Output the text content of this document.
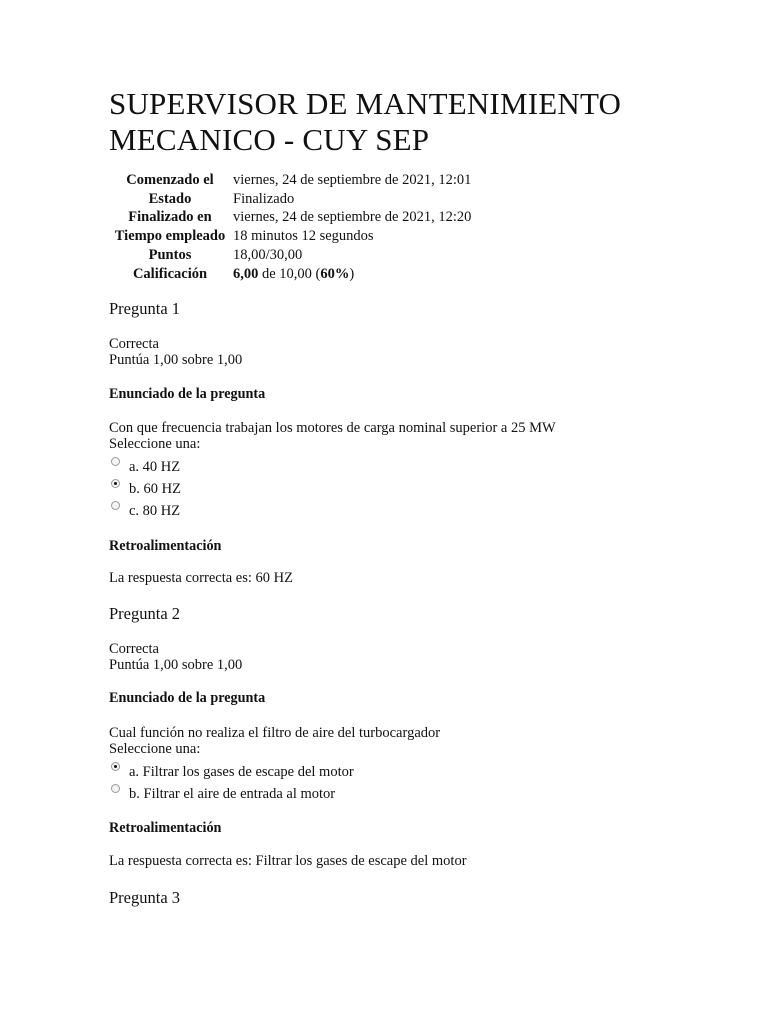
SUPERVISOR DE MANTENIMIENTO MECANICO - CUY SEP
Comenzado el	viernes, 24 de septiembre de 2021, 12:01
Estado	Finalizado
Finalizado en	viernes, 24 de septiembre de 2021, 12:20
Tiempo empleado	18 minutos 12 segundos
Puntos	18,00/30,00
Calificación	6,00 de 10,00 (60%)

Pregunta 1

Correcta

Puntúa 1,00 sobre 1,00

Enunciado de la pregunta

Con que frecuencia trabajan los motores de carga nominal superior a 25 MW

Seleccione una:

a. 40 HZ
b. 60 HZ
c. 80 HZ

Retroalimentación

La respuesta correcta es: 60 HZ

Pregunta 2

Correcta

Puntúa 1,00 sobre 1,00

Enunciado de la pregunta

Cual función no realiza el filtro de aire del turbocargador

Seleccione una:

a. Filtrar los gases de escape del motor
b. Filtrar el aire de entrada al motor

Retroalimentación

La respuesta correcta es: Filtrar los gases de escape del motor

Pregunta 3
